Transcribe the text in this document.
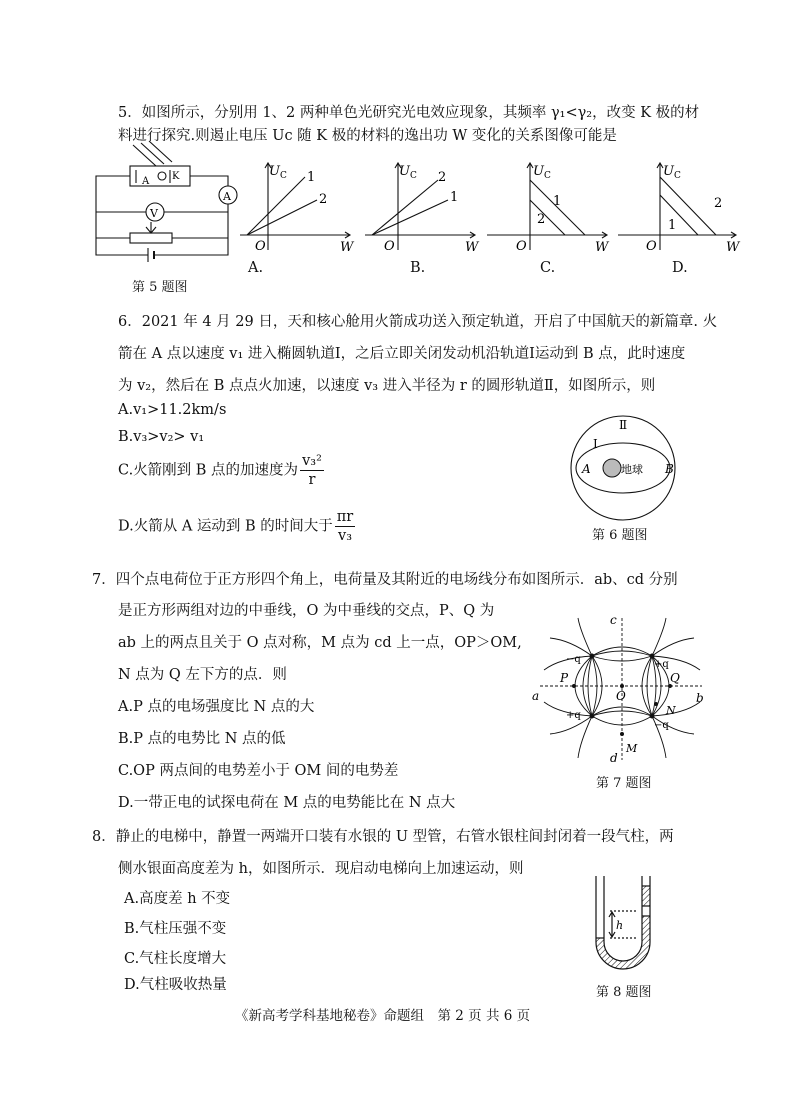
5．如图所示，分别用 1、2 两种单色光研究光电效应现象，其频率 γ₁<γ₂，改变 K 极的材
料进行探究.则遏止电压 Uc 随 K 极的材料的逸出功 W 变化的关系图像可能是
A K
A
V
第 5 题图
$U_C$
W
O
1
2
A.
$U_C$
W
O
2
1
B.
$U_C$
W
O
1
2
C.
$U_C$
W
O
2
1
D.
6．2021 年 4 月 29 日，天和核心舱用火箭成功送入预定轨道，开启了中国航天的新篇章. 火
箭在 A 点以速度 v₁ 进入椭圆轨道Ⅰ，之后立即关闭发动机沿轨道Ⅰ运动到 B 点，此时速度
为 v₂，然后在 B 点点火加速，以速度 v₃ 进入半径为 r 的圆形轨道Ⅱ，如图所示，则
A.v₁>11.2km/s
B.v₃>v₂> v₁
C.火箭刚到 B 点的加速度为 $\frac{\text{v₃²}}{r}$
D.火箭从 A 运动到 B 的时间大于 $\frac{\pi r}{\text{v₃}}$
Ⅱ
Ⅰ
A	B
地球
第 6 题图
7．四个点电荷位于正方形四个角上，电荷量及其附近的电场线分布如图所示．ab、cd 分别
是正方形两组对边的中垂线，O 为中垂线的交点，P、Q 为
ab 上的两点且关于 O 点对称，M 点为 cd 上一点，OP＞OM,
N 点为 Q 左下方的点．则
A.P 点的电场强度比 N 点的大
B.P 点的电势比 N 点的低
C.OP 两点间的电势差小于 OM 间的电势差
D.一带正电的试探电荷在 M 点的电势能比在 N 点大
c
d
a	b
O
P	Q
M
N
−q	+q
+q
−q
第 7 题图
8．静止的电梯中，静置一两端开口装有水银的 U 型管，右管水银柱间封闭着一段气柱，两
侧水银面高度差为 h，如图所示．现启动电梯向上加速运动，则
A.高度差 h 不变
B.气柱压强不变
C.气柱长度增大
D.气柱吸收热量
h
第 8 题图
《新高考学科基地秘卷》命题组　第 2 页 共 6 页
